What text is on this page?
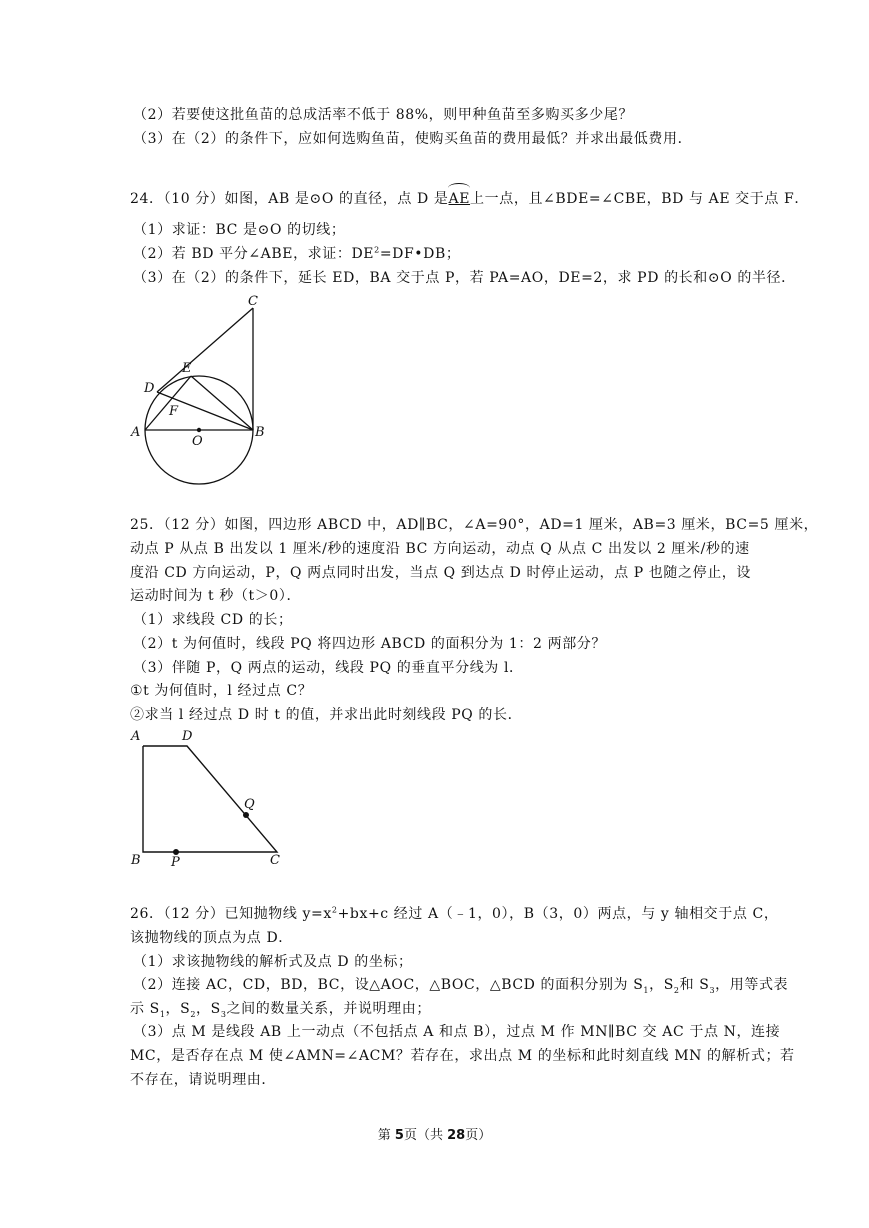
（2）若要使这批鱼苗的总成活率不低于 88%，则甲种鱼苗至多购买多少尾？
（3）在（2）的条件下，应如何选购鱼苗，使购买鱼苗的费用最低？并求出最低费用．
24．（10 分）如图，AB 是⊙O 的直径，点 D 是
AE上一点，且∠BDE=∠CBE，BD 与 AE 交于点 F．
（1）求证：BC 是⊙O 的切线；
（2）若 BD 平分∠ABE，求证：$DE^2=DF•DB$；
（3）在（2）的条件下，延长 ED，BA 交于点 P，若 PA=AO，DE=2，求 PD 的长和⊙O 的半径．
C
E
D
F
A
O
B
25．（12 分）如图，四边形 ABCD 中，AD∥BC，∠A=90°，AD=1 厘米，AB=3 厘米，BC=5 厘米，
动点 P 从点 B 出发以 1 厘米/秒的速度沿 BC 方向运动，动点 Q 从点 C 出发以 2 厘米/秒的速
度沿 CD 方向运动，P，Q 两点同时出发，当点 Q 到达点 D 时停止运动，点 P 也随之停止，设
运动时间为 t 秒（t＞0）．
（1）求线段 CD 的长；
（2）t 为何值时，线段 PQ 将四边形 ABCD 的面积分为 1：2 两部分？
（3）伴随 P，Q 两点的运动，线段 PQ 的垂直平分线为 l．
①t 为何值时，l 经过点 C？
②求当 l 经过点 D 时 t 的值，并求出此时刻线段 PQ 的长．
A	D
Q
B P	C
26．（12 分）已知抛物线 $y=x^2+bx+c$ 经过 A（﹣1，0），B（3，0）两点，与 y 轴相交于点 C，
该抛物线的顶点为点 D．
（1）求该抛物线的解析式及点 D 的坐标；
（2）连接 AC，CD，BD，BC，设△AOC，△BOC，△BCD 的面积分别为 $S_1$，$S_2$和 $S_3$，用等式表
示 $S_1$，$S_2$，$S_3$之间的数量关系，并说明理由；
（3）点 M 是线段 AB 上一动点（不包括点 A 和点 B），过点 M 作 MN∥BC 交 AC 于点 N，连接
MC，是否存在点 M 使∠AMN=∠ACM？若存在，求出点 M 的坐标和此时刻直线 MN 的解析式；若
不存在，请说明理由．
第 5页（共 28页）
